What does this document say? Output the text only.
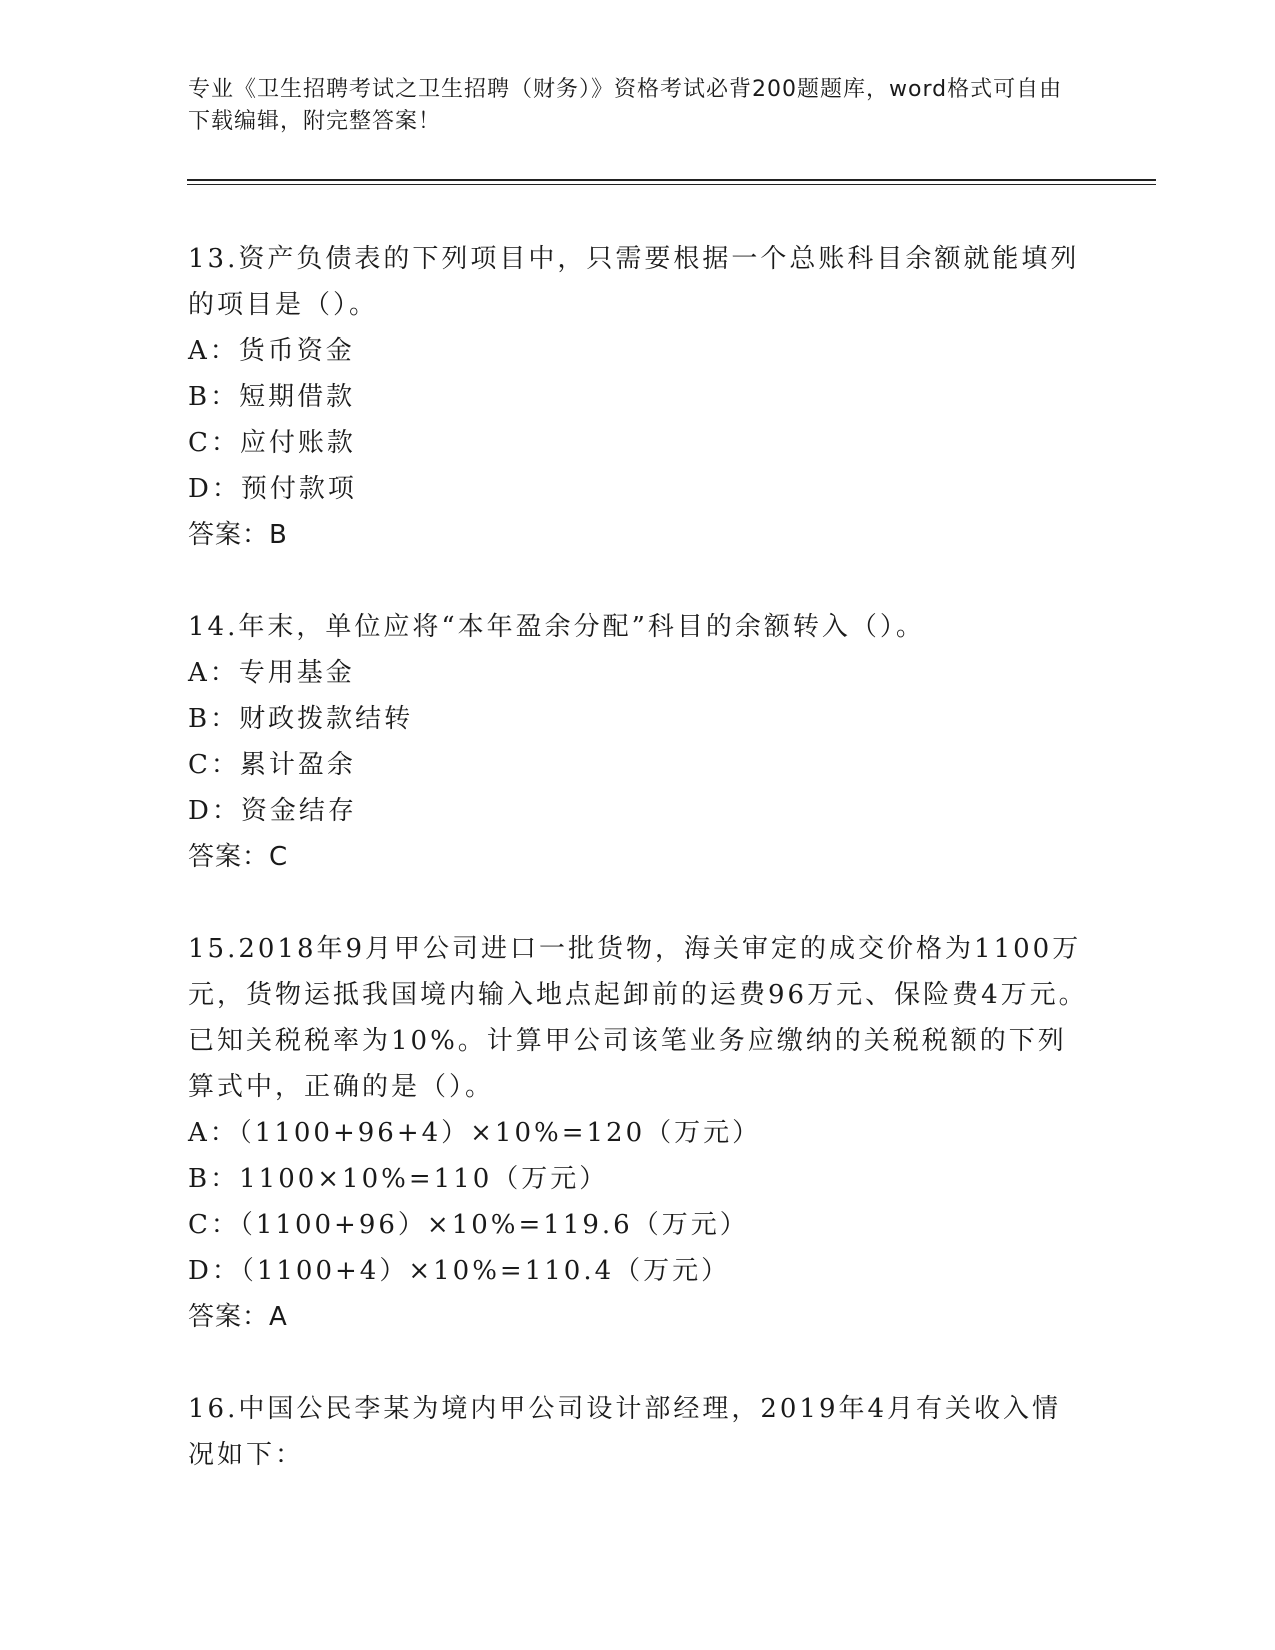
专业《卫生招聘考试之卫生招聘（财务）》资格考试必背200题题库，word格式可自由下载编辑，附完整答案！

13.资产负债表的下列项目中，只需要根据一个总账科目余额就能填列的项目是（）。

A：货币资金

B：短期借款

C：应付账款

D：预付款项

答案：B

14.年末，单位应将“本年盈余分配”科目的余额转入（）。

A：专用基金

B：财政拨款结转

C：累计盈余

D：资金结存

答案：C

15.2018年9月甲公司进口一批货物，海关审定的成交价格为1100万元，货物运抵我国境内输入地点起卸前的运费96万元、保险费4万元。已知关税税率为10%。计算甲公司该笔业务应缴纳的关税税额的下列算式中，正确的是（）。

A：（1100+96+4）×10%=120（万元）

B：1100×10%=110（万元）

C：（1100+96）×10%=119.6（万元）

D：（1100+4）×10%=110.4（万元）

答案：A

16.中国公民李某为境内甲公司设计部经理，2019年4月有关收入情况如下：
